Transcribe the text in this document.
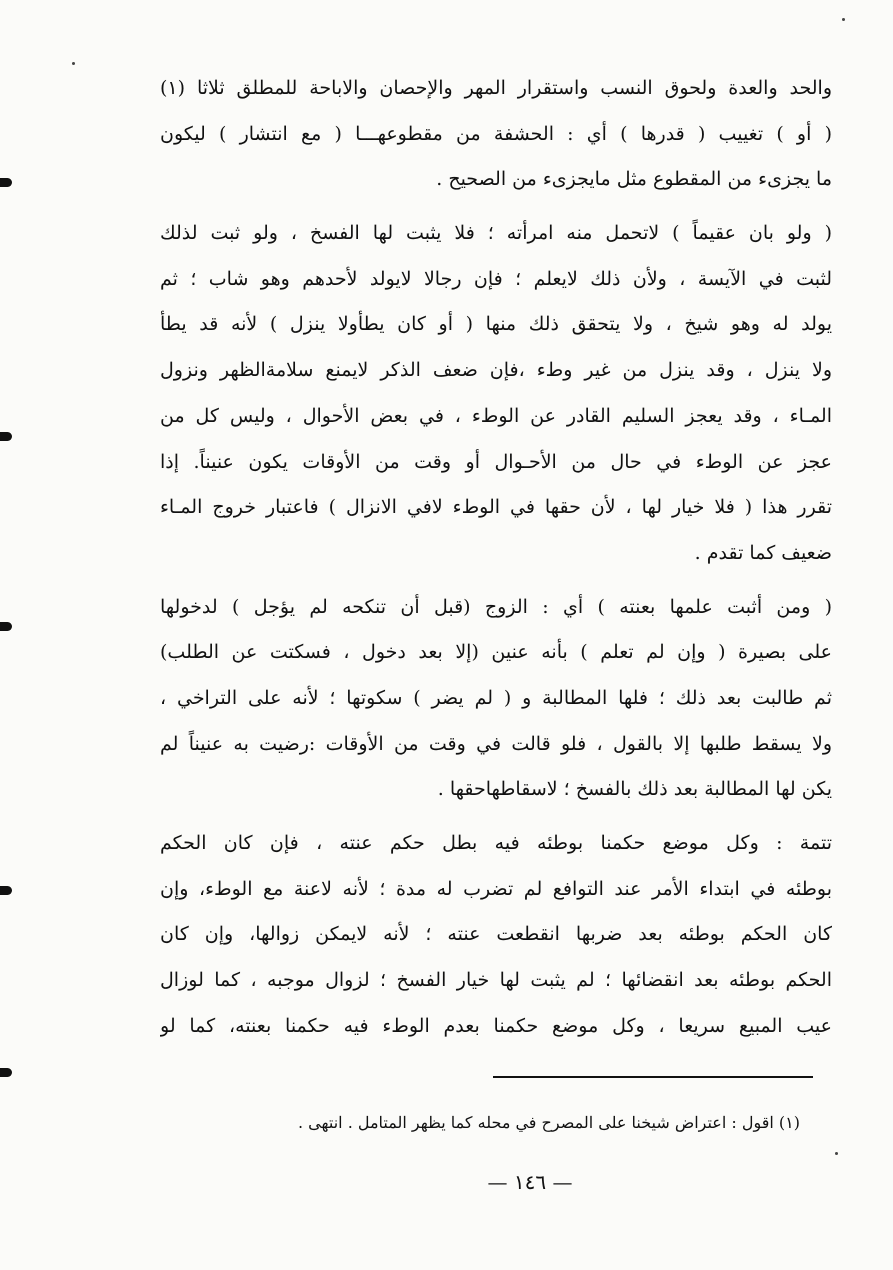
والحد والعدة ولحوق النسب واستقرار المهر والإحصان والاباحة للمطلق ثلاثا (١)
( أو ) تغييب ( قدرها ) أي : الحشفة من مقطوعهـــا ( مع انتشار ) ليكون
ما يجزىء من المقطوع مثل مايجزىء من الصحيح .
( ولو بان عقيماً ) لاتحمل منه امرأته ؛ فلا يثبت لها الفسخ ، ولو ثبت لذلك
لثبت في الآيسة ، ولأن ذلك لايعلم ؛ فإن رجالا لايولد لأحدهم وهو شاب ؛ ثم
يولد له وهو شيخ ، ولا يتحقق ذلك منها ( أو كان يطأولا ينزل ) لأنه قد يطأ
ولا ينزل ، وقد ينزل من غير وطء ،فإن ضعف الذكر لايمنع سلامةالظهر ونزول
المـاء ، وقد يعجز السليم القادر عن الوطء ، في بعض الأحوال ، وليس كل من
عجز عن الوطء في حال من الأحـوال أو وقت من الأوقات يكون عنيناً. إذا
تقرر هذا ( فلا خيار لها ، لأن حقها في الوطء لافي الانزال ) فاعتبار خروج المـاء
ضعيف كما تقدم .
( ومن أثبت علمها بعنته ) أي : الزوج (قبل أن تنكحه لم يؤجل ) لدخولها
على بصيرة ( وإن لم تعلم ) بأنه عنين (إلا بعد دخول ، فسكتت عن الطلب)
ثم طالبت بعد ذلك ؛ فلها المطالبة و ( لم يضر ) سكوتها ؛ لأنه على التراخي ،
ولا يسقط طلبها إلا بالقول ، فلو قالت في وقت من الأوقات :رضيت به عنيناً لم
يكن لها المطالبة بعد ذلك بالفسخ ؛ لاسقاطهاحقها .
تتمة : وكل موضع حكمنا بوطئه فيه بطل حكم عنته ، فإن كان الحكم
بوطئه في ابتداء الأمر عند التوافع لم تضرب له مدة ؛ لأنه لاعنة مع الوطء، وإن
كان الحكم بوطئه بعد ضربها انقطعت عنته ؛ لأنه لايمكن زوالها، وإن كان
الحكم بوطئه بعد انقضائها ؛ لم يثبت لها خيار الفسخ ؛ لزوال موجبه ، كما لوزال
عيب المبيع سريعا ، وكل موضع حكمنا بعدم الوطء فيه حكمنا بعنته، كما لو
(١) اقول : اعتراض شيخنا على المصرح في محله كما يظهر المتامل . انتهى .
— ١٤٦ —
